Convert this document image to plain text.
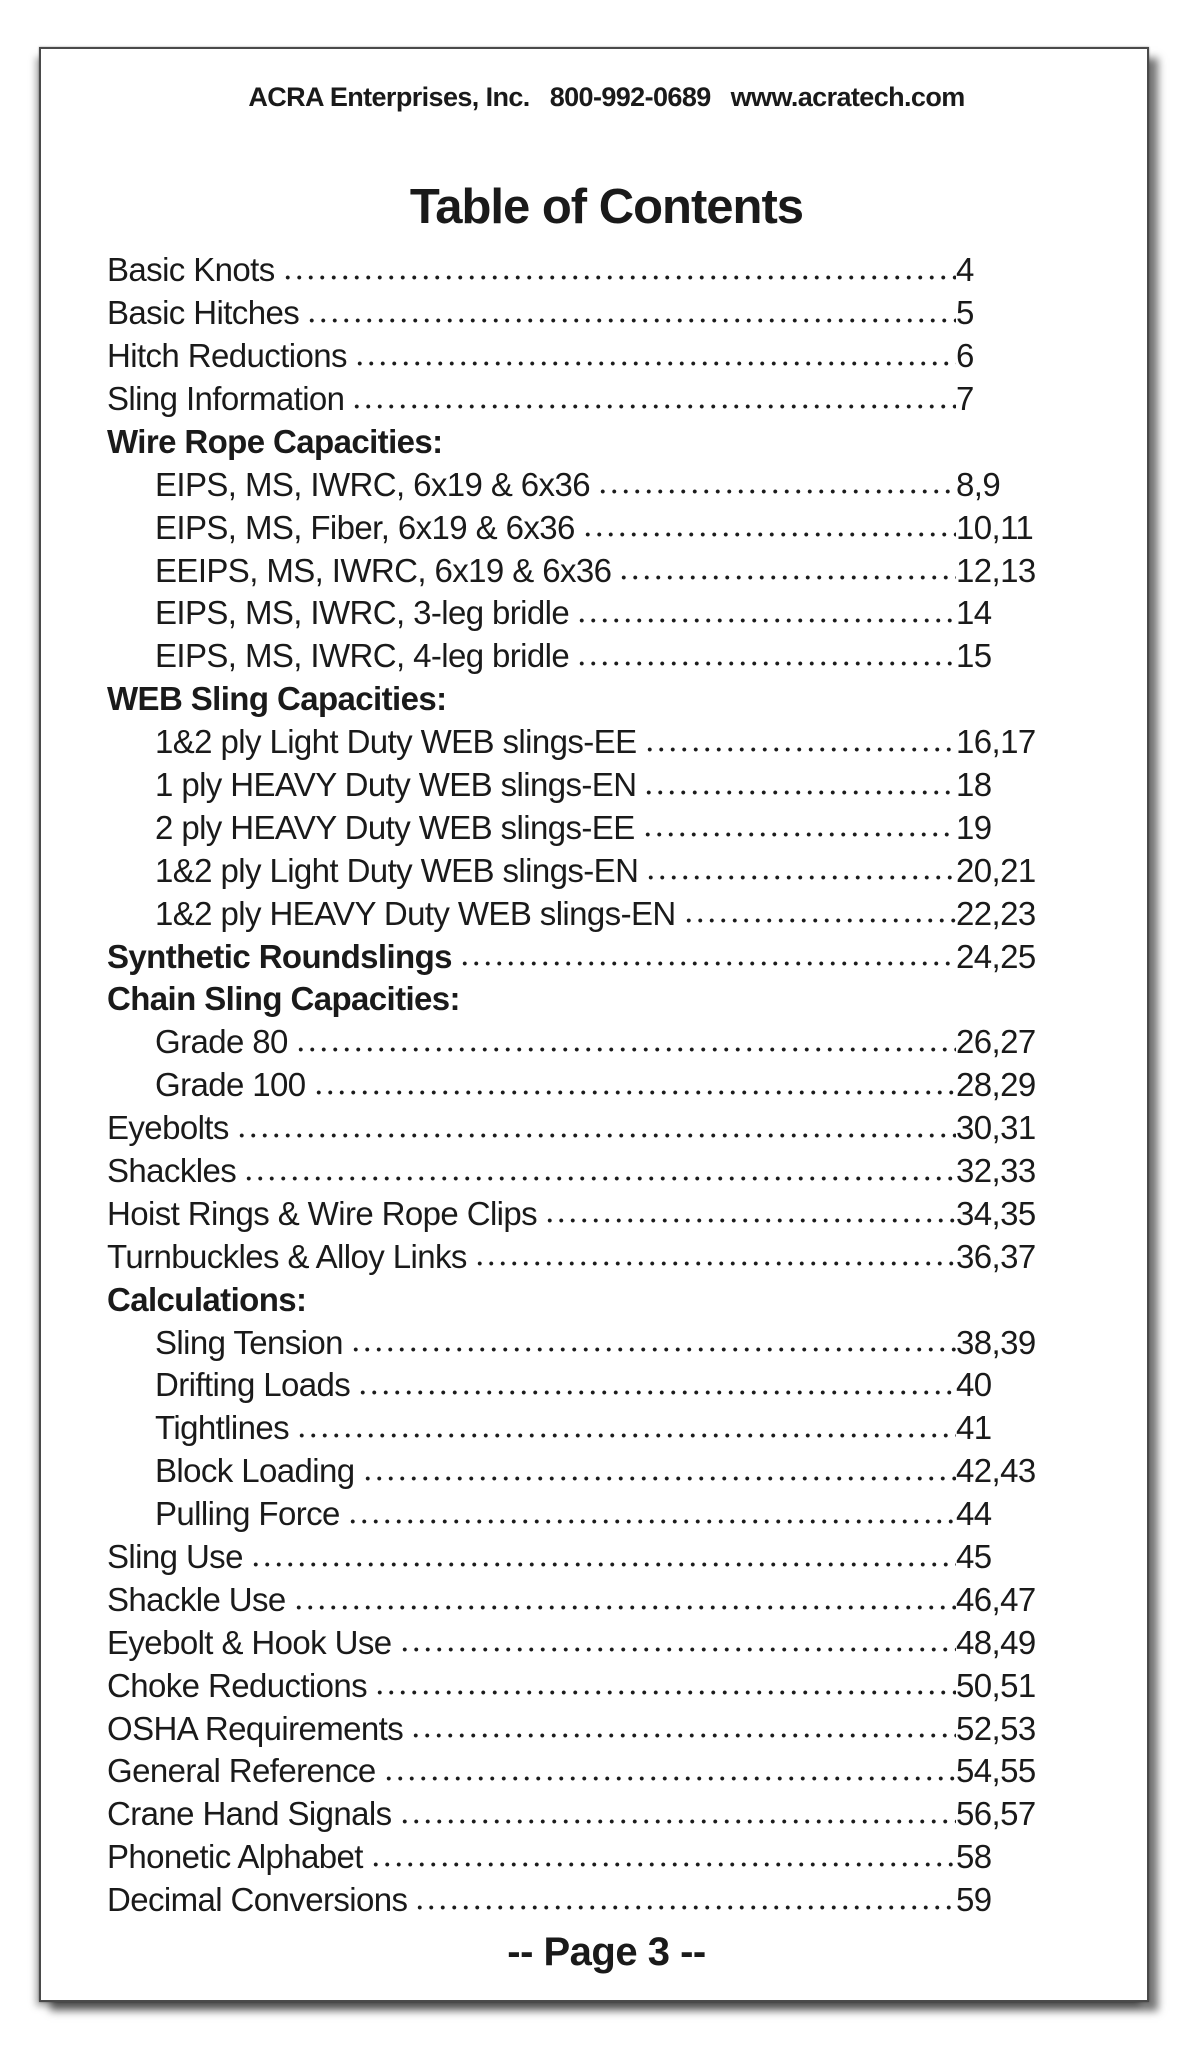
ACRA Enterprises, Inc. 800-992-0689 www.acratech.com
Table of Contents
Basic Knots	4
Basic Hitches	5
Hitch Reductions	6
Sling Information	7
Wire Rope Capacities:
EIPS, MS, IWRC, 6x19 & 6x36	8,9
EIPS, MS, Fiber, 6x19 & 6x36	10,11
EEIPS, MS, IWRC, 6x19 & 6x36	12,13
EIPS, MS, IWRC, 3-leg bridle	14
EIPS, MS, IWRC, 4-leg bridle	15
WEB Sling Capacities:
1&2 ply Light Duty WEB slings-EE	16,17
1 ply HEAVY Duty WEB slings-EN	18
2 ply HEAVY Duty WEB slings-EE	19
1&2 ply Light Duty WEB slings-EN	20,21
1&2 ply HEAVY Duty WEB slings-EN	22,23
Synthetic Roundslings	24,25
Chain Sling Capacities:
Grade 80	26,27
Grade 100	28,29
Eyebolts	30,31
Shackles	32,33
Hoist Rings & Wire Rope Clips	34,35
Turnbuckles & Alloy Links	36,37
Calculations:
Sling Tension	38,39
Drifting Loads	40
Tightlines	41
Block Loading	42,43
Pulling Force	44
Sling Use	45
Shackle Use	46,47
Eyebolt & Hook Use	48,49
Choke Reductions	50,51
OSHA Requirements	52,53
General Reference	54,55
Crane Hand Signals	56,57
Phonetic Alphabet	58
Decimal Conversions	59
-- Page 3 --
